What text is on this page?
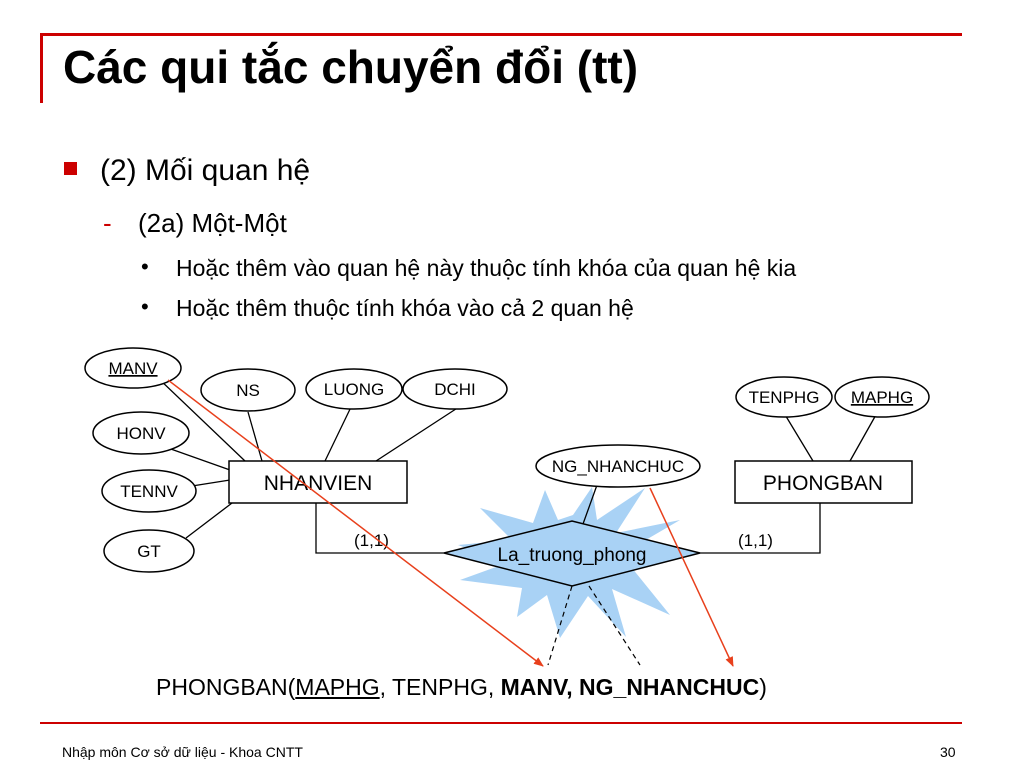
Các qui tắc chuyển đổi (tt)
(2) Mối quan hệ
- (2a) Một-Một
• Hoặc thêm vào quan hệ này thuộc tính khóa của quan hệ kia
• Hoặc thêm thuộc tính khóa vào cả 2 quan hệ
NHANVIEN	PHONGBAN
La_truong_phong
MANV
NS	LUONG	DCHI
HONV
TENNV
GT
NG_NHANCHUC
TENPHG MAPHG
(1,1)	(1,1)
PHONGBAN(MAPHG, TENPHG, MANV, NG_NHANCHUC)
Nhập môn Cơ sở dữ liệu - Khoa CNTT	30
